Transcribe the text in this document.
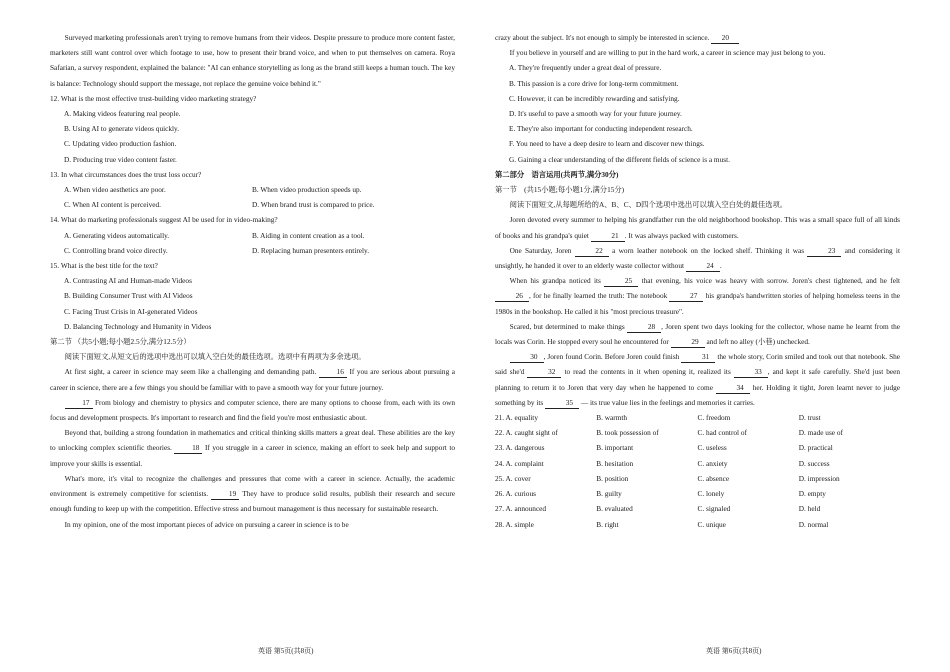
Surveyed marketing professionals aren't trying to remove humans from their videos. Despite pressure to produce more content faster, marketers still want control over which footage to use, how to present their brand voice, and when to put themselves on camera. Roya Safarian, a survey respondent, explained the balance: "AI can enhance storytelling as long as the brand still keeps a human touch. The key is balance: Technology should support the message, not replace the genuine voice behind it."

12. What is the most effective trust-building video marketing strategy?

A. Making videos featuring real people.

B. Using AI to generate videos quickly.

C. Updating video production fashion.

D. Producing true video content faster.

13. In what circumstances does the trust loss occur?

A. When video aesthetics are poor.	B. When video production speeds up.
C. When AI content is perceived.	D. When brand trust is compared to price.

14. What do marketing professionals suggest AI be used for in video-making?

A. Generating videos automatically.	B. Aiding in content creation as a tool.
C. Controlling brand voice directly.	D. Replacing human presenters entirely.

15. What is the best title for the text?

A. Contrasting AI and Human-made Videos

B. Building Consumer Trust with AI Videos

C. Facing Trust Crisis in AI-generated Videos

D. Balancing Technology and Humanity in Videos

第二节 （共5小题;每小题2.5分,满分12.5分）

阅读下面短文,从短文后的选项中选出可以填入空白处的最佳选项。选项中有两项为多余选项。

At first sight, a career in science may seem like a challenging and demanding path.	16 If you are serious about pursuing a career in science, there are a few things you should be familiar with to pave a smooth way for your future journey.

17 From biology and chemistry to physics and computer science, there are many options to choose from, each with its own focus and development prospects. It's important to research and find the field you're most enthusiastic about.

Beyond that, building a strong foundation in mathematics and critical thinking skills matters a great deal. These abilities are the key to unlocking complex scientific theories.	18 If you struggle in a career in science, making an effort to seek help and support to improve your skills is essential.

What's more, it's vital to recognize the challenges and pressures that come with a career in science. Actually, the academic environment is extremely competitive for scientists.	19 They have to produce solid results, publish their research and secure enough funding to keep up with the competition. Effective stress and burnout management is thus necessary for sustainable research.

In my opinion, one of the most important pieces of advice on pursuing a career in science is to be

crazy about the subject. It's not enough to simply be interested in science. 20

If you believe in yourself and are willing to put in the hard work, a career in science may just belong to you.

A. They're frequently under a great deal of pressure.

B. This passion is a core drive for long-term commitment.

C. However, it can be incredibly rewarding and satisfying.

D. It's useful to pave a smooth way for your future journey.

E. They're also important for conducting independent research.

F. You need to have a deep desire to learn and discover new things.

G. Gaining a clear understanding of the different fields of science is a must.

第二部分　语言运用(共两节,满分30分)

第一节　(共15小题;每小题1分,满分15分)

阅读下面短文,从每题所给的A、B、C、D四个选项中选出可以填入空白处的最佳选项。

Joren devoted every summer to helping his grandfather run the old neighborhood bookshop. This was a small space full of all kinds of books and his grandpa's quiet	21 . It was always packed with customers.

One Saturday, Joren	22 a worn leather notebook on the locked shelf. Thinking it was	23 and considering it unsightly, he handed it over to an elderly waste collector without	24 .

When his grandpa noticed its	25 that evening, his voice was heavy with sorrow. Joren's chest tightened, and he felt 26 , for he finally learned the truth: The notebook	27 his grandpa's handwritten stories of helping homeless teens in the 1980s in the bookshop. He called it his "most precious treasure".

Scared, but determined to make things	28 , Joren spent two days looking for the collector, whose name he learnt from the locals was Corin. He stopped every soul he encountered for	29 and left no alley (小巷) unchecked.

30 , Joren found Corin. Before Joren could finish	31 the whole story, Corin smiled and took out that notebook. She said she'd	32 to read the contents in it when opening it, realized its	33 , and kept it safe carefully. She'd just been planning to return it to Joren that very day when he happened to come	34 her. Holding it tight, Joren learnt never to judge something by its	35 — its true value lies in the feelings and memories it carries.

21. A. equality	B. warmth	C. freedom	D. trust
22. A. caught sight of	B. took possession of	C. had control of	D. made use of
23. A. dangerous	B. important	C. useless	D. practical
24. A. complaint	B. hesitation	C. anxiety	D. success
25. A. cover	B. position	C. absence	D. impression
26. A. curious	B. guilty	C. lonely	D. empty
27. A. announced	B. evaluated	C. signaled	D. held
28. A. simple	B. right	C. unique	D. normal
英语 第5页(共8页)	英语 第6页(共8页)
